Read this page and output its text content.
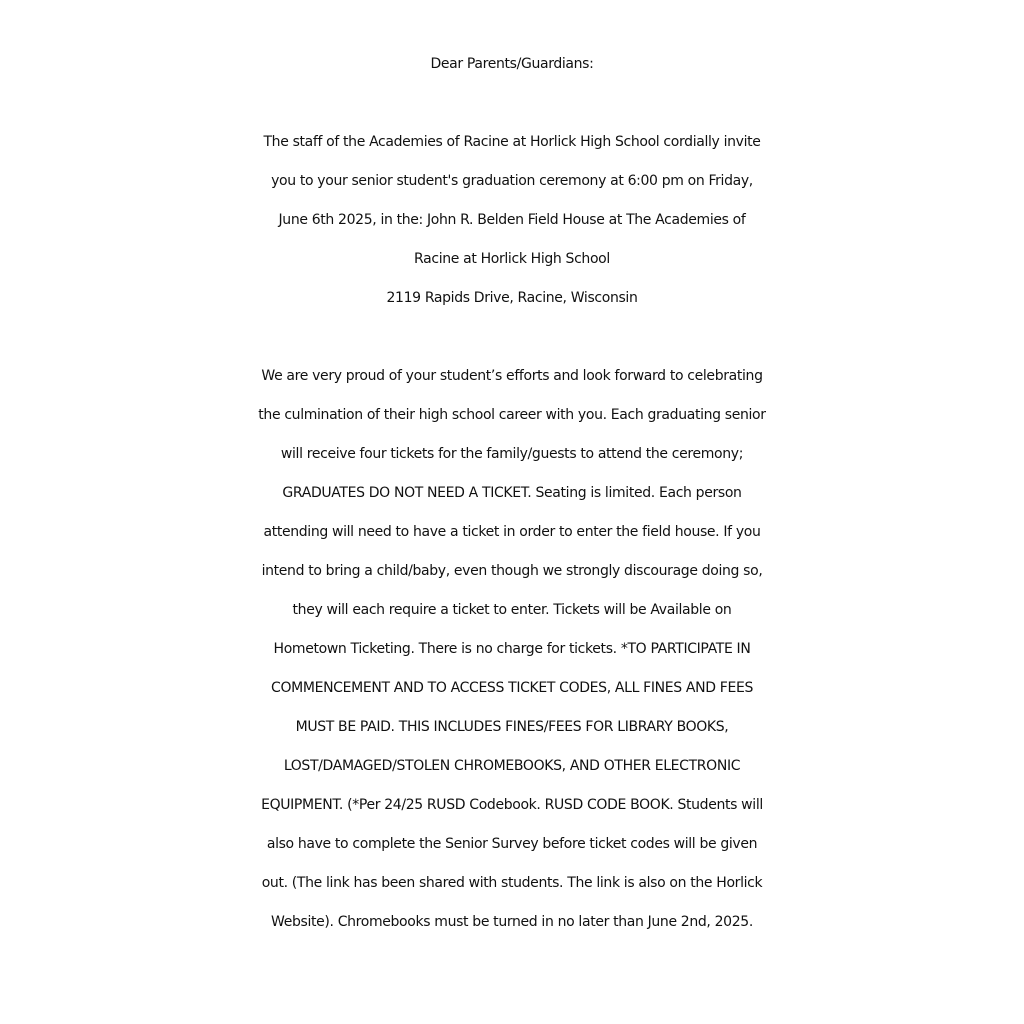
Dear Parents/Guardians:
The staff of the Academies of Racine at Horlick High School cordially invite
you to your senior student's graduation ceremony at 6:00 pm on Friday,
June 6th 2025, in the: John R. Belden Field House at The Academies of
Racine at Horlick High School
2119 Rapids Drive, Racine, Wisconsin
We are very proud of your student’s efforts and look forward to celebrating
the culmination of their high school career with you. Each graduating senior
will receive four tickets for the family/guests to attend the ceremony;
GRADUATES DO NOT NEED A TICKET. Seating is limited. Each person
attending will need to have a ticket in order to enter the field house. If you
intend to bring a child/baby, even though we strongly discourage doing so,
they will each require a ticket to enter. Tickets will be Available on
Hometown Ticketing. There is no charge for tickets. *TO PARTICIPATE IN
COMMENCEMENT AND TO ACCESS TICKET CODES, ALL FINES AND FEES
MUST BE PAID. THIS INCLUDES FINES/FEES FOR LIBRARY BOOKS,
LOST/DAMAGED/STOLEN CHROMEBOOKS, AND OTHER ELECTRONIC
EQUIPMENT. (*Per 24/25 RUSD Codebook. RUSD CODE BOOK. Students will
also have to complete the Senior Survey before ticket codes will be given
out. (The link has been shared with students. The link is also on the Horlick
Website). Chromebooks must be turned in no later than June 2nd, 2025.
